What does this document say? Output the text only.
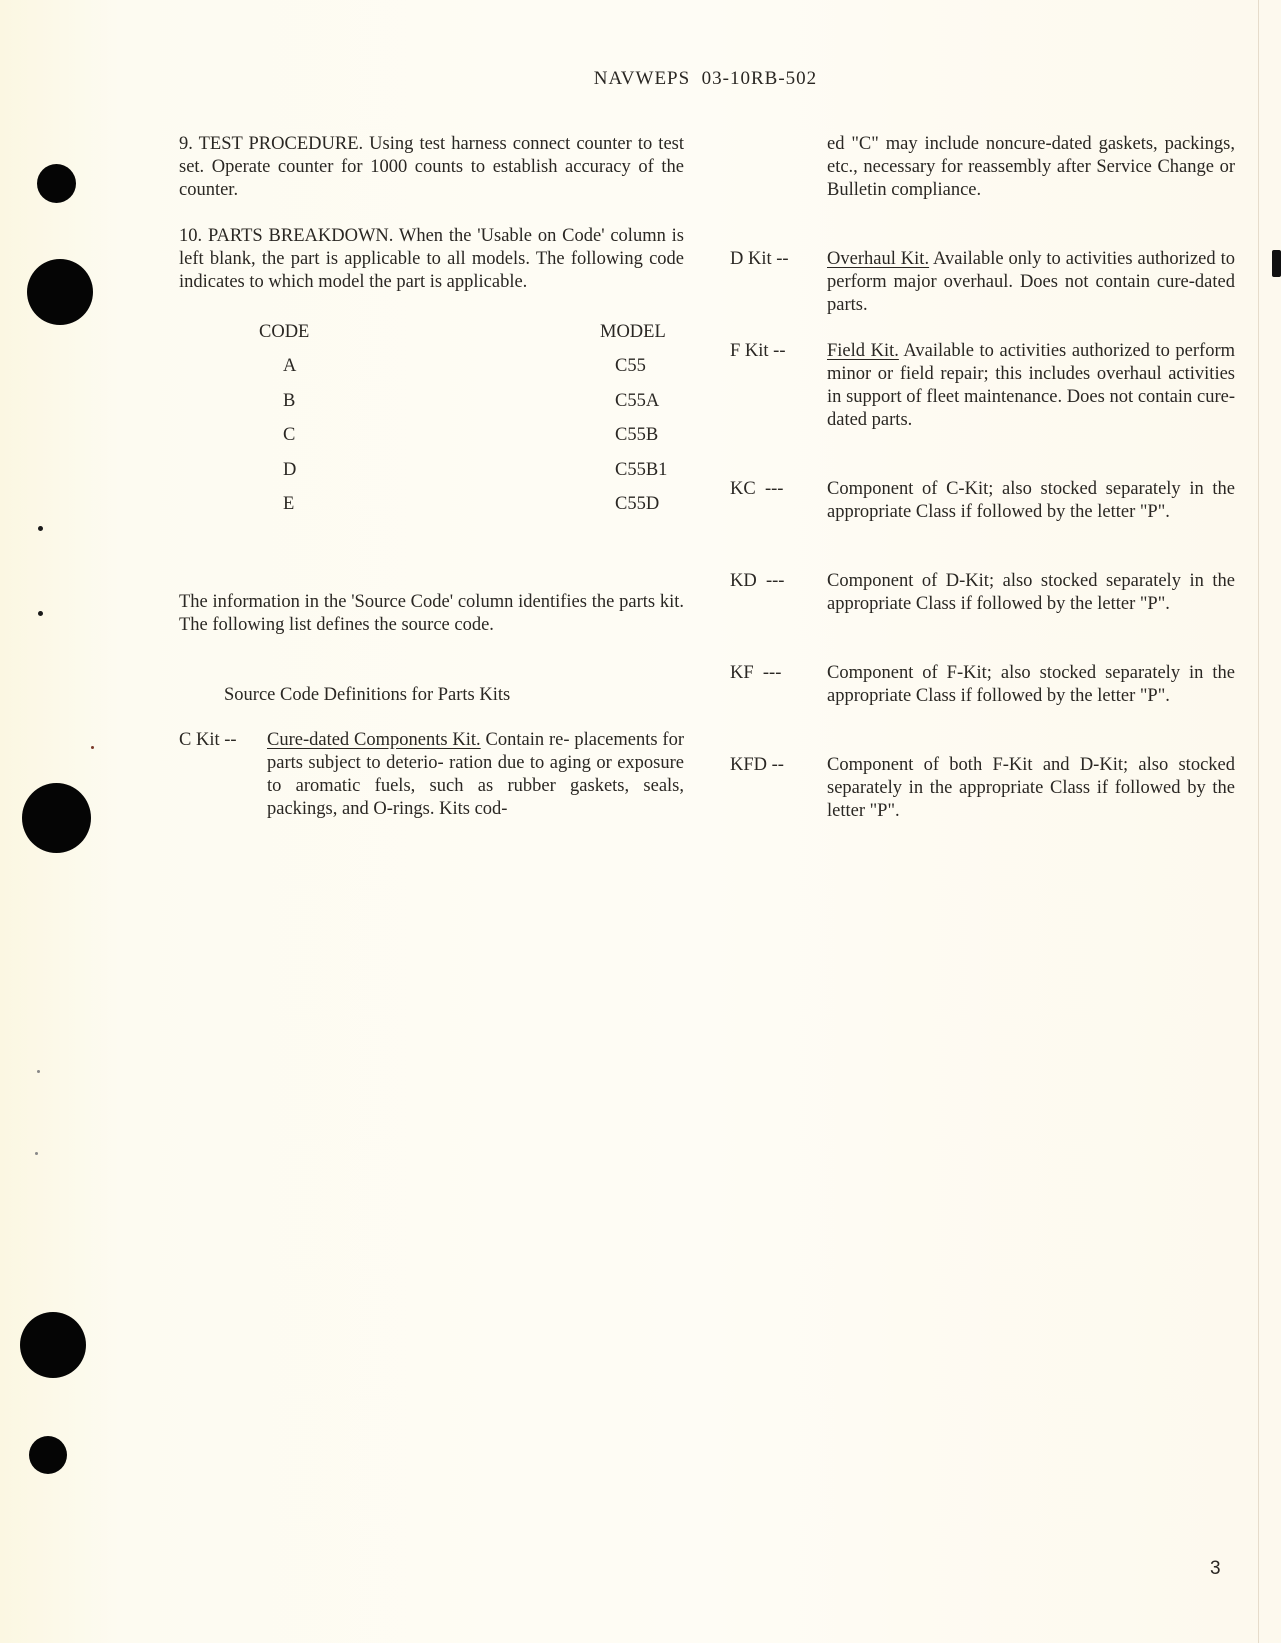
NAVWEPS  03-10RB-502

9. TEST PROCEDURE. Using test harness connect counter to test set. Operate counter for 1000 counts to establish accuracy of the counter.

10. PARTS BREAKDOWN. When the 'Usable on Code' column is left blank, the part is applicable to all models. The following code indicates to which model the part is applicable.

CODE	MODEL
A	C55
B	C55A
C	C55B
D	C55B1
E	C55D
The information in the 'Source Code' column identifies the parts kit. The following list defines the source code.
Source Code Definitions for Parts Kits
C Kit --	Cure-dated Components Kit. Contain re- placements for parts subject to deterio- ration due to aging or exposure to aromatic fuels, such as rubber gaskets, seals, packings, and O-rings. Kits cod-
ed "C" may include noncure-dated gaskets, packings, etc., necessary for reassembly after Service Change or Bulletin compliance.
D Kit --	Overhaul Kit. Available only to activities authorized to perform major overhaul. Does not contain cure-dated parts.
F Kit --	Field Kit. Available to activities authorized to perform minor or field repair; this includes overhaul activities in support of fleet maintenance. Does not contain cure-dated parts.
KC  ---	Component of C-Kit; also stocked separately in the appropriate Class if followed by the letter "P".
KD  ---	Component of D-Kit; also stocked separately in the appropriate Class if followed by the letter "P".
KF  ---	Component of F-Kit; also stocked separately in the appropriate Class if followed by the letter "P".
KFD --	Component of both F-Kit and D-Kit; also stocked separately in the appropriate Class if followed by the letter "P".
3
